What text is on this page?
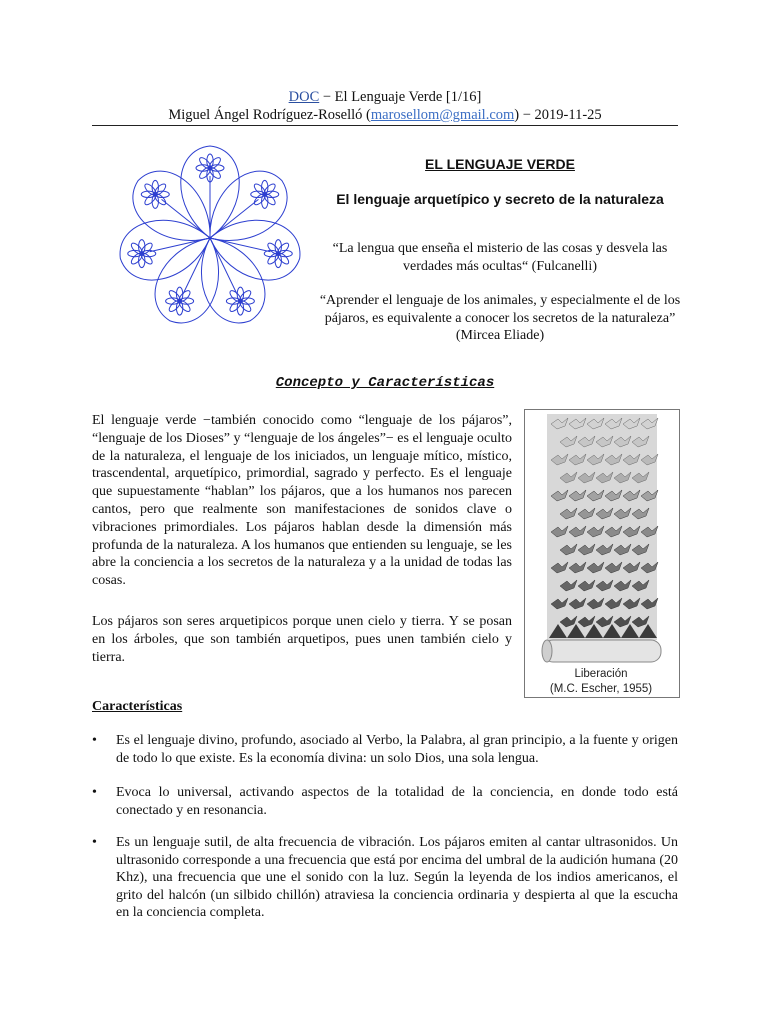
DOC − El Lenguaje Verde [1/16]
Miguel Ángel Rodríguez-Roselló (marosellom@gmail.com) − 2019-11-25
EL LENGUAJE VERDE
El lenguaje arquetípico y secreto de la naturaleza
“La lengua que enseña el misterio de las cosas y desvela las verdades más ocultas“ (Fulcanelli)
“Aprender el lenguaje de los animales, y especialmente el de los pájaros, es equivalente a conocer los secretos de la naturaleza” (Mircea Eliade)
Concepto y Características
El lenguaje verde −también conocido como “lenguaje de los pájaros”, “lenguaje de los Dioses” y “lenguaje de los ángeles”− es el lenguaje oculto de la naturaleza, el lenguaje de los iniciados, un lenguaje mítico, místico, trascendental, arquetípico, primordial, sagrado y perfecto. Es el lenguaje que supuestamente “hablan” los pájaros, que a los humanos nos parecen cantos, pero que realmente son manifestaciones de sonidos clave o vibraciones primordiales. Los pájaros hablan desde la dimensión más profunda de la naturaleza. A los humanos que entienden su lenguaje, se les abre la conciencia a los secretos de la naturaleza y a la unidad de todas las cosas.
Los pájaros son seres arquetipicos porque unen cielo y tierra. Y se posan en los árboles, que son también arquetipos, pues unen también cielo y tierra.
Liberación
(M.C. Escher, 1955)
Características
•	Es el lenguaje divino, profundo, asociado al Verbo, la Palabra, al gran principio, a la fuente y origen de todo lo que existe. Es la economía divina: un solo Dios, una sola lengua.
•	Evoca lo universal, activando aspectos de la totalidad de la conciencia, en donde todo está conectado y en resonancia.
•	Es un lenguaje sutil, de alta frecuencia de vibración. Los pájaros emiten al cantar ultrasonidos. Un ultrasonido corresponde a una frecuencia que está por encima del umbral de la audición humana (20 Khz), una frecuencia que une el sonido con la luz. Según la leyenda de los indios americanos, el grito del halcón (un silbido chillón) atraviesa la conciencia ordinaria y despierta al que la escucha en la conciencia completa.
